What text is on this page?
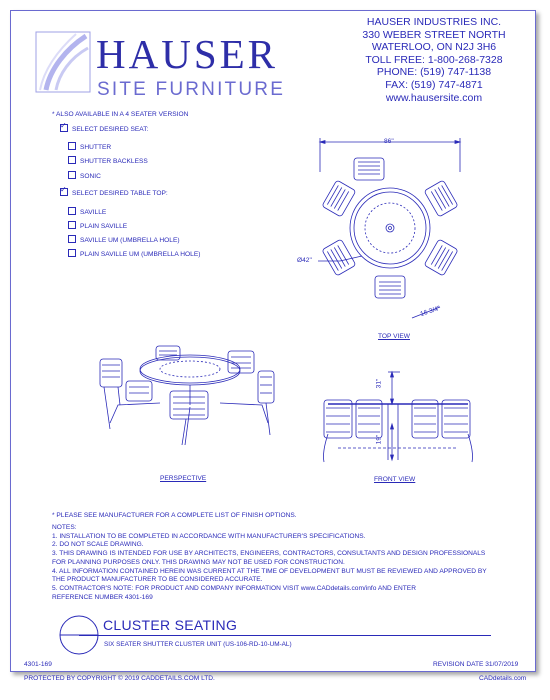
HAUSER
SITE FURNITURE
HAUSER INDUSTRIES INC.
330 WEBER STREET NORTH
WATERLOO, ON N2J 3H6
TOLL FREE: 1-800-268-7328
PHONE: (519) 747-1138
FAX: (519) 747-4871
www.hausersite.com
* ALSO AVAILABLE IN A 4 SEATER VERSION
✓SELECT DESIRED SEAT:
SHUTTER
SHUTTER BACKLESS
SONIC
✓SELECT DESIRED TABLE TOP:
SAVILLE
PLAIN SAVILLE
SAVILLE UM (UMBRELLA HOLE)
PLAIN SAVILLE UM (UMBRELLA HOLE)
86"
Ø42"
16 3/4"
TOP VIEW
PERSPECTIVE
31"
19"
FRONT VIEW
* PLEASE SEE MANUFACTURER FOR A COMPLETE LIST OF FINISH OPTIONS.
NOTES:
1. INSTALLATION TO BE COMPLETED IN ACCORDANCE WITH MANUFACTURER'S SPECIFICATIONS.
2. DO NOT SCALE DRAWING.
3. THIS DRAWING IS INTENDED FOR USE BY ARCHITECTS, ENGINEERS, CONTRACTORS, CONSULTANTS AND DESIGN PROFESSIONALS
FOR PLANNING PURPOSES ONLY. THIS DRAWING MAY NOT BE USED FOR CONSTRUCTION.
4. ALL INFORMATION CONTAINED HEREIN WAS CURRENT AT THE TIME OF DEVELOPMENT BUT MUST BE REVIEWED AND APPROVED BY
THE PRODUCT MANUFACTURER TO BE CONSIDERED ACCURATE.
5. CONTRACTOR'S NOTE: FOR PRODUCT AND COMPANY INFORMATION VISIT www.CADdetails.com/info AND ENTER
REFERENCE NUMBER 4301-169
CLUSTER SEATING
SIX SEATER SHUTTER CLUSTER UNIT (US-106-RD-10-UM-AL)
4301-169	REVISION DATE 31/07/2019
PROTECTED BY COPYRIGHT © 2019 CADDETAILS.COM LTD.	CADdetails.com
